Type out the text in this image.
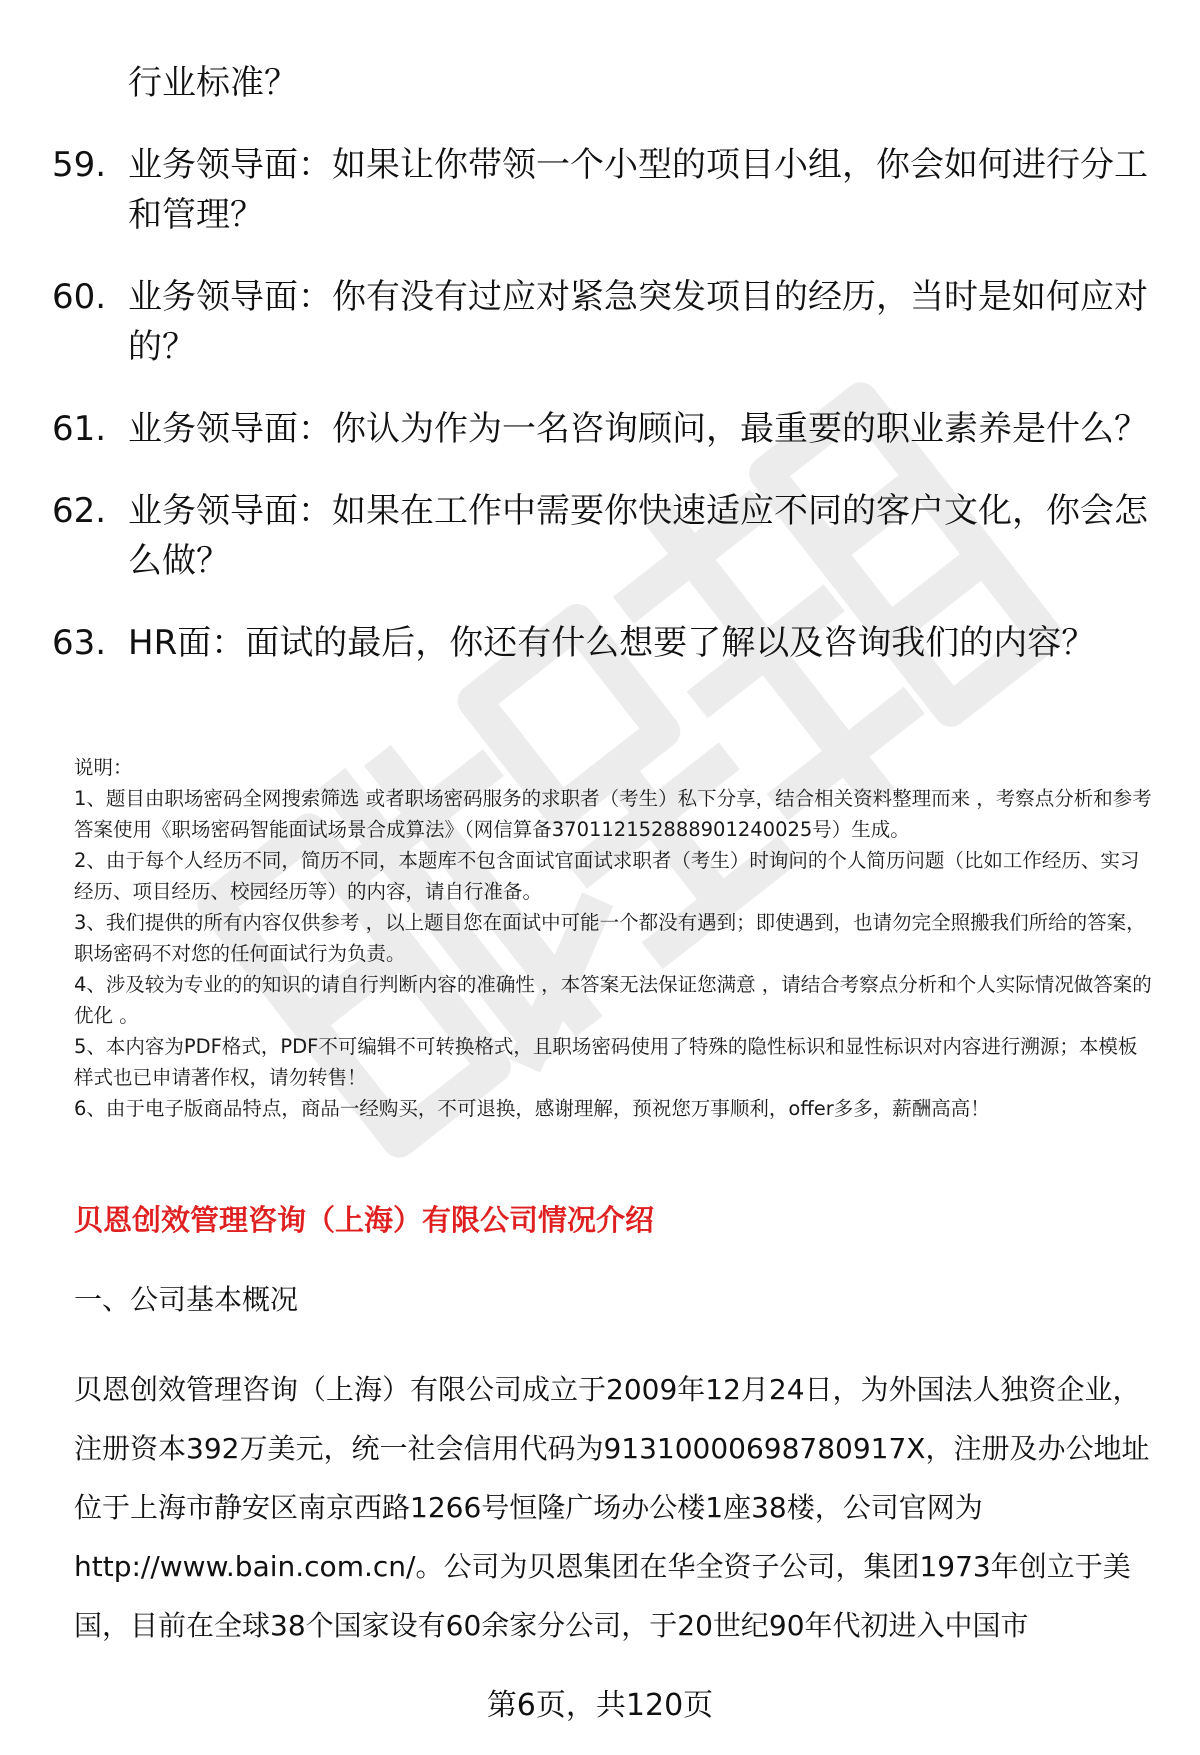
行业标准？
59. 业务领导面：如果让你带领一个小型的项目小组，你会如何进行分工和管理？
60. 业务领导面：你有没有过应对紧急突发项目的经历，当时是如何应对的？
61. 业务领导面：你认为作为一名咨询顾问，最重要的职业素养是什么？
62. 业务领导面：如果在工作中需要你快速适应不同的客户文化，你会怎么做？
63. HR面：面试的最后，你还有什么想要了解以及咨询我们的内容？

说明：

1、题目由职场密码全网搜索筛选 或者职场密码服务的求职者（考生）私下分享，结合相关资料整理而来 ，考察点分析和参考答案使用《职场密码智能面试场景合成算法》（网信算备370112152888901240025号）生成。

2、由于每个人经历不同，简历不同，本题库不包含面试官面试求职者（考生）时询问的个人简历问题（比如工作经历、实习经历、项目经历、校园经历等）的内容，请自行准备。

3、我们提供的所有内容仅供参考 ，以上题目您在面试中可能一个都没有遇到；即使遇到，也请勿完全照搬我们所给的答案，职场密码不对您的任何面试行为负责。

4、涉及较为专业的的知识的请自行判断内容的准确性 ，本答案无法保证您满意 ，请结合考察点分析和个人实际情况做答案的优化 。

5、本内容为PDF格式，PDF不可编辑不可转换格式，且职场密码使用了特殊的隐性标识和显性标识对内容进行溯源；本模板样式也已申请著作权，请勿转售！

6、由于电子版商品特点，商品一经购买，不可退换，感谢理解，预祝您万事顺利，offer多多，薪酬高高！

贝恩创效管理咨询（上海）有限公司情况介绍
一、公司基本概况

贝恩创效管理咨询（上海）有限公司成立于2009年12月24日，为外国法人独资企业，注册资本392万美元，统一社会信用代码为91310000698780917X，注册及办公地址位于上海市静安区南京西路1266号恒隆广场办公楼1座38楼，公司官网为http://www.bain.com.cn/。公司为贝恩集团在华全资子公司，集团1973年创立于美国，目前在全球38个国家设有60余家分公司，于20世纪90年代初进入中国市

第6页，共120页
